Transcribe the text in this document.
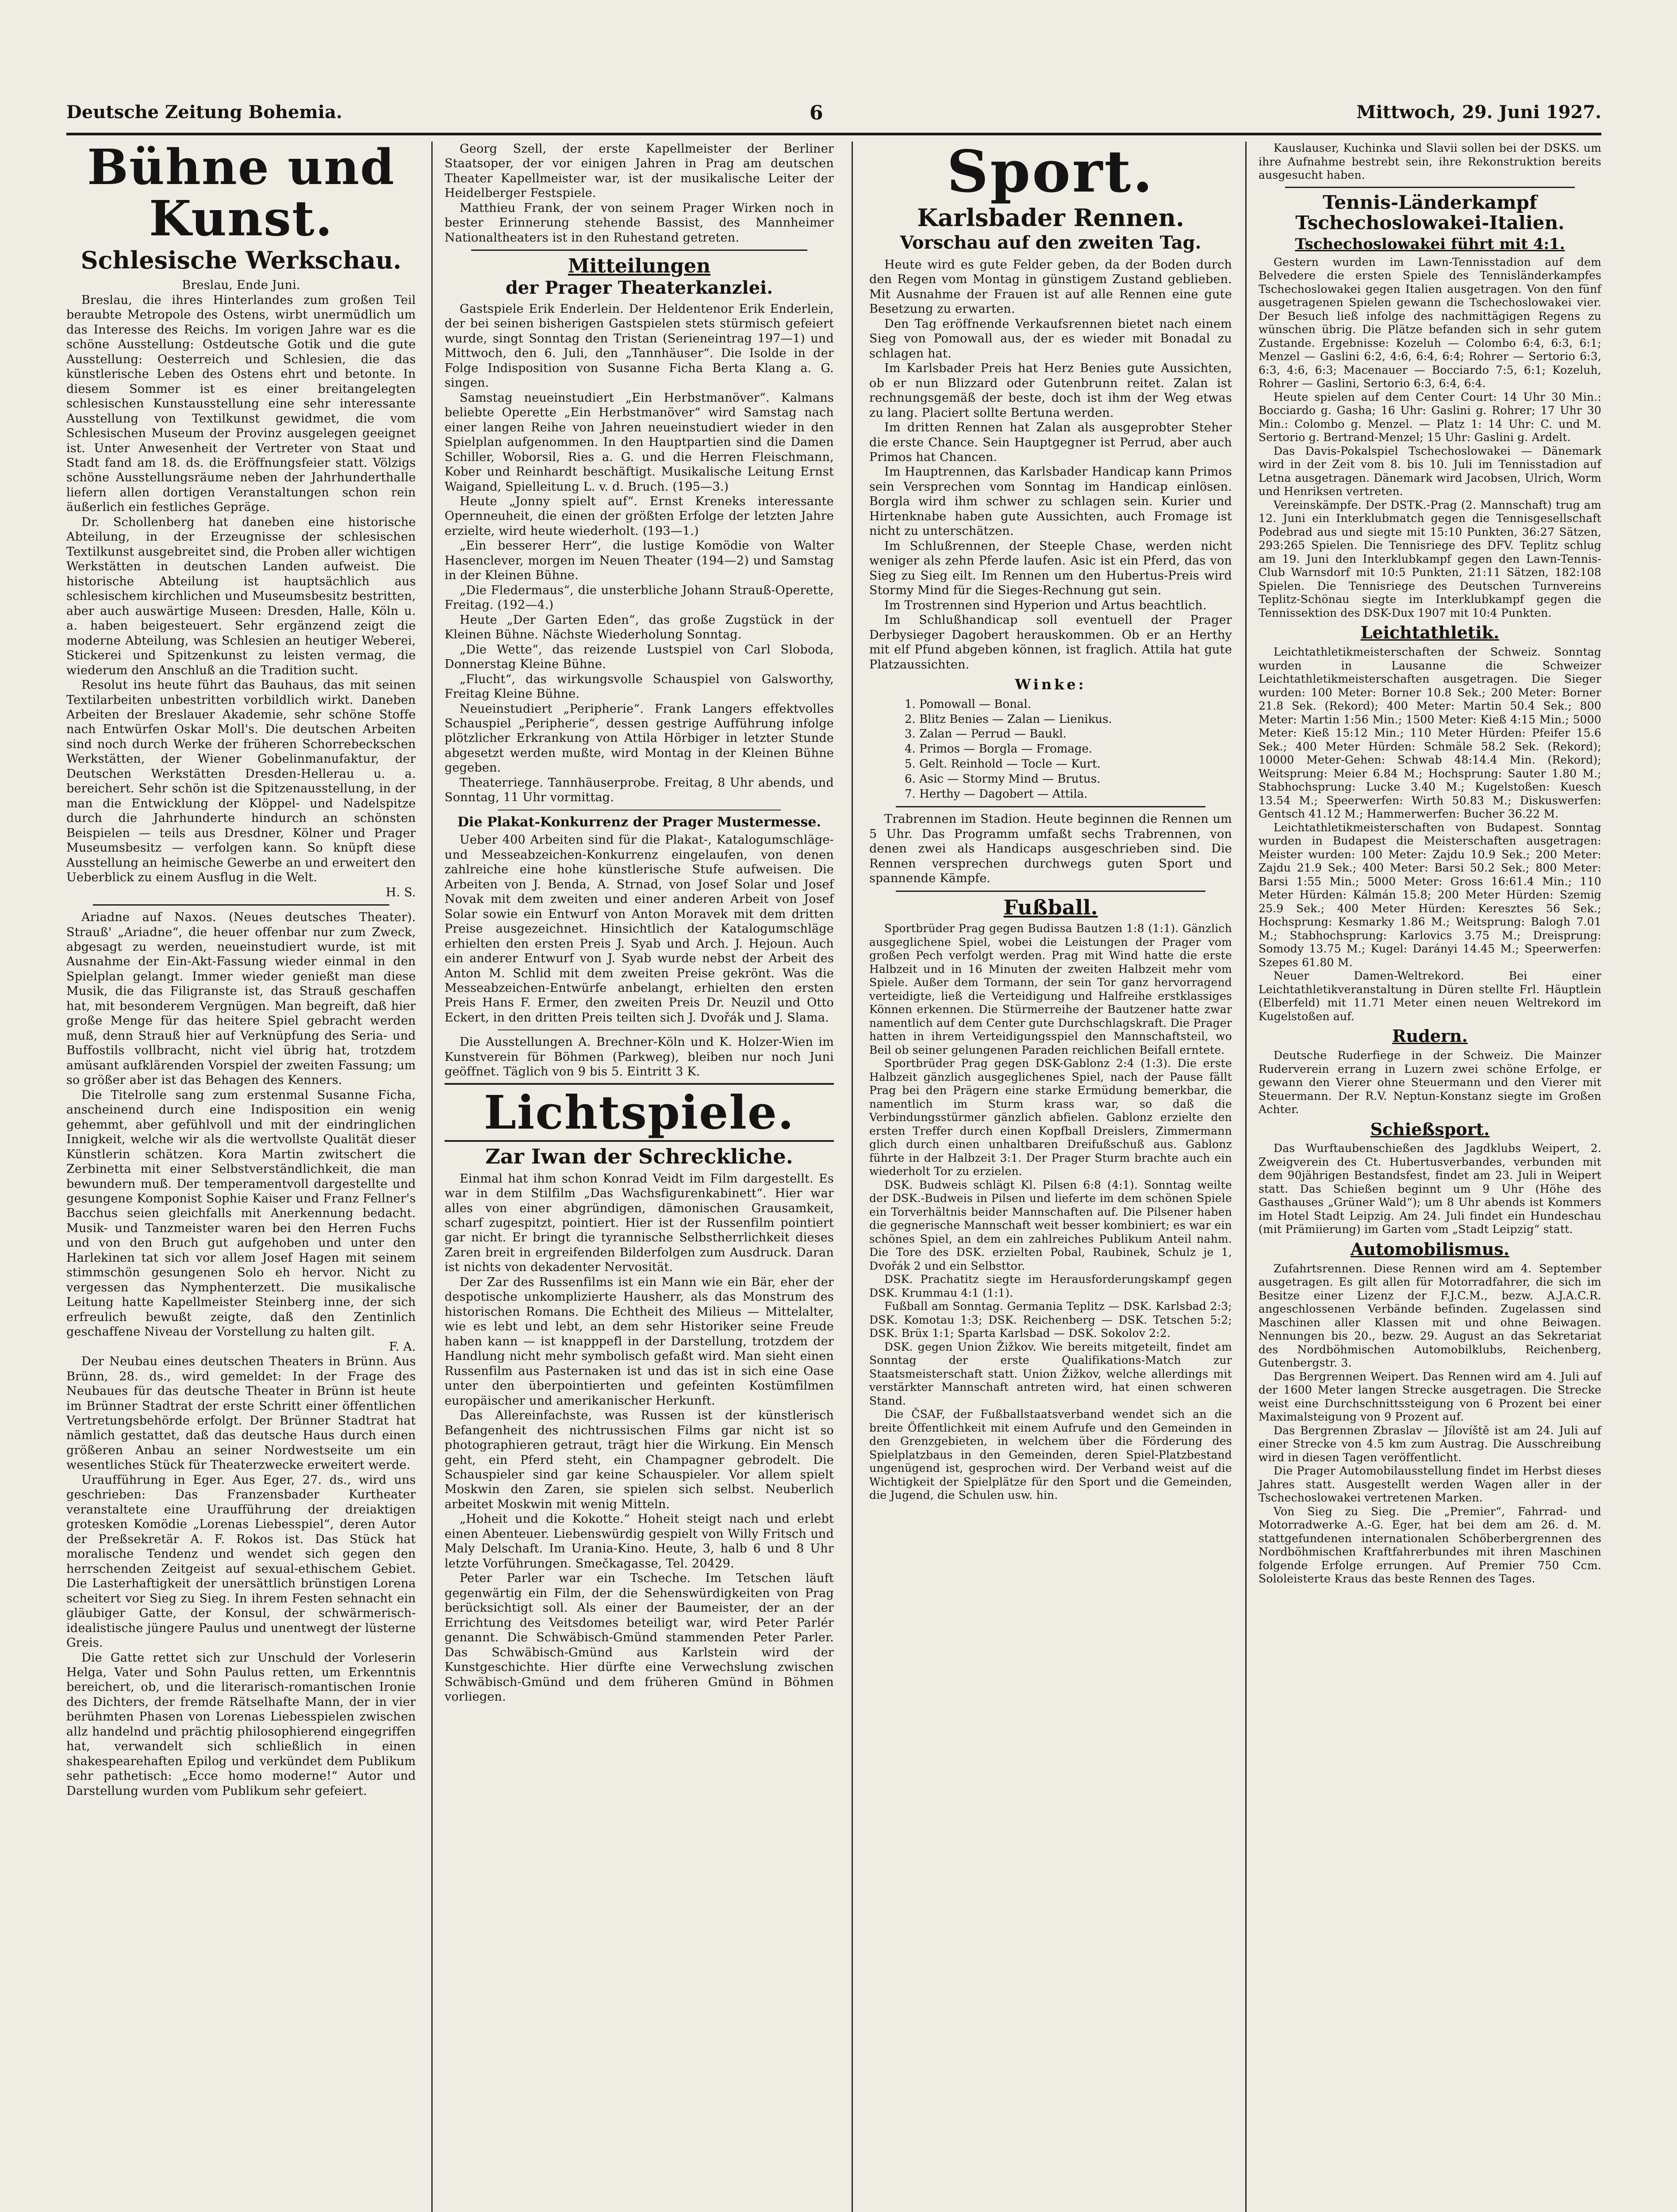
Deutsche Zeitung Bohemia.	6	Mittwoch, 29. Juni 1927.
Bühne und Kunst.
Schlesische Werkschau.

Breslau, Ende Juni.

Breslau, die ihres Hinterlandes zum großen Teil beraubte Metropole des Ostens, wirbt unermüdlich um das Interesse des Reichs. Im vorigen Jahre war es die schöne Ausstellung: Ostdeutsche Gotik und die gute Ausstellung: Oesterreich und Schlesien, die das künstlerische Leben des Ostens ehrt und betonte. In diesem Sommer ist es einer breitangelegten schlesischen Kunstausstellung eine sehr interessante Ausstellung von Textilkunst gewidmet, die vom Schlesischen Museum der Provinz ausgelegen geeignet ist. Unter Anwesenheit der Vertreter von Staat und Stadt fand am 18. ds. die Eröffnungsfeier statt. Völzigs schöne Ausstellungsräume neben der Jahrhunderthalle liefern allen dortigen Veranstaltungen schon rein äußerlich ein festliches Gepräge.

Dr. Schollenberg hat daneben eine historische Abteilung, in der Erzeugnisse der schlesischen Textilkunst ausgebreitet sind, die Proben aller wichtigen Werkstätten in deutschen Landen aufweist. Die historische Abteilung ist hauptsächlich aus schlesischem kirchlichen und Museumsbesitz bestritten, aber auch auswärtige Museen: Dresden, Halle, Köln u. a. haben beigesteuert. Sehr ergänzend zeigt die moderne Abteilung, was Schlesien an heutiger Weberei, Stickerei und Spitzenkunst zu leisten vermag, die wiederum den Anschluß an die Tradition sucht.

Resolut ins heute führt das Bauhaus, das mit seinen Textilarbeiten unbestritten vorbildlich wirkt. Daneben Arbeiten der Breslauer Akademie, sehr schöne Stoffe nach Entwürfen Oskar Moll's. Die deutschen Arbeiten sind noch durch Werke der früheren Schorrebeckschen Werkstätten, der Wiener Gobelinmanufaktur, der Deutschen Werkstätten Dresden-Hellerau u. a. bereichert. Sehr schön ist die Spitzenausstellung, in der man die Entwicklung der Klöppel- und Nadelspitze durch die Jahrhunderte hindurch an schönsten Beispielen — teils aus Dresdner, Kölner und Prager Museumsbesitz — verfolgen kann. So knüpft diese Ausstellung an heimische Gewerbe an und erweitert den Ueberblick zu einem Ausflug in die Welt.

H. S.

Ariadne auf Naxos. (Neues deutsches Theater). Strauß' „Ariadne“, die heuer offenbar nur zum Zweck, abgesagt zu werden, neueinstudiert wurde, ist mit Ausnahme der Ein-Akt-Fassung wieder einmal in den Spielplan gelangt. Immer wieder genießt man diese Musik, die das Filigranste ist, das Strauß geschaffen hat, mit besonderem Vergnügen. Man begreift, daß hier große Menge für das heitere Spiel gebracht werden muß, denn Strauß hier auf Verknüpfung des Seria- und Buffostils vollbracht, nicht viel übrig hat, trotzdem amüsant aufklärenden Vorspiel der zweiten Fassung; um so größer aber ist das Behagen des Kenners.

Die Titelrolle sang zum erstenmal Susanne Ficha, anscheinend durch eine Indisposition ein wenig gehemmt, aber gefühlvoll und mit der eindringlichen Innigkeit, welche wir als die wertvollste Qualität dieser Künstlerin schätzen. Kora Martin zwitschert die Zerbinetta mit einer Selbstverständlichkeit, die man bewundern muß. Der temperamentvoll dargestellte und gesungene Komponist Sophie Kaiser und Franz Fellner's Bacchus seien gleichfalls mit Anerkennung bedacht. Musik- und Tanzmeister waren bei den Herren Fuchs und von den Bruch gut aufgehoben und unter den Harlekinen tat sich vor allem Josef Hagen mit seinem stimmschön gesungenen Solo eh hervor. Nicht zu vergessen das Nymphenterzett. Die musikalische Leitung hatte Kapellmeister Steinberg inne, der sich erfreulich bewußt zeigte, daß den Zentinlich geschaffene Niveau der Vorstellung zu halten gilt.

F. A.

Der Neubau eines deutschen Theaters in Brünn. Aus Brünn, 28. ds., wird gemeldet: In der Frage des Neubaues für das deutsche Theater in Brünn ist heute im Brünner Stadtrat der erste Schritt einer öffentlichen Vertretungsbehörde erfolgt. Der Brünner Stadtrat hat nämlich gestattet, daß das deutsche Haus durch einen größeren Anbau an seiner Nordwestseite um ein wesentliches Stück für Theaterzwecke erweitert werde.

Uraufführung in Eger. Aus Eger, 27. ds., wird uns geschrieben: Das Franzensbader Kurtheater veranstaltete eine Uraufführung der dreiaktigen grotesken Komödie „Lorenas Liebesspiel“, deren Autor der Preßsekretär A. F. Rokos ist. Das Stück hat moralische Tendenz und wendet sich gegen den herrschenden Zeitgeist auf sexual-ethischem Gebiet. Die Lasterhaftigkeit der unersättlich brünstigen Lorena scheitert vor Sieg zu Sieg. In ihrem Festen sehnacht ein gläubiger Gatte, der Konsul, der schwärmerisch-idealistische jüngere Paulus und unentwegt der lüsterne Greis.

Die Gatte rettet sich zur Unschuld der Vorleserin Helga, Vater und Sohn Paulus retten, um Erkenntnis bereichert, ob, und die literarisch-romantischen Ironie des Dichters, der fremde Rätselhafte Mann, der in vier berühmten Phasen von Lorenas Liebesspielen zwischen allz handelnd und prächtig philosophierend eingegriffen hat, verwandelt sich schließlich in einen shakespearehaften Epilog und verkündet dem Publikum sehr pathetisch: „Ecce homo moderne!“ Autor und Darstellung wurden vom Publikum sehr gefeiert.

Georg Szell, der erste Kapellmeister der Berliner Staatsoper, der vor einigen Jahren in Prag am deutschen Theater Kapellmeister war, ist der musikalische Leiter der Heidelberger Festspiele.

Matthieu Frank, der von seinem Prager Wirken noch in bester Erinnerung stehende Bassist, des Mannheimer Nationaltheaters ist in den Ruhestand getreten.

Mitteilungen
der Prager Theaterkanzlei.

Gastspiele Erik Enderlein. Der Heldentenor Erik Enderlein, der bei seinen bisherigen Gastspielen stets stürmisch gefeiert wurde, singt Sonntag den Tristan (Serieneintrag 197—1) und Mittwoch, den 6. Juli, den „Tannhäuser“. Die Isolde in der Folge Indisposition von Susanne Ficha Berta Klang a. G. singen.

Samstag neueinstudiert „Ein Herbstmanöver“. Kalmans beliebte Operette „Ein Herbstmanöver“ wird Samstag nach einer langen Reihe von Jahren neueinstudiert wieder in den Spielplan aufgenommen. In den Hauptpartien sind die Damen Schiller, Woborsil, Ries a. G. und die Herren Fleischmann, Kober und Reinhardt beschäftigt. Musikalische Leitung Ernst Waigand, Spielleitung L. v. d. Bruch. (195—3.)

Heute „Jonny spielt auf“. Ernst Kreneks interessante Opernneuheit, die einen der größten Erfolge der letzten Jahre erzielte, wird heute wiederholt. (193—1.)

„Ein besserer Herr“, die lustige Komödie von Walter Hasenclever, morgen im Neuen Theater (194—2) und Samstag in der Kleinen Bühne.

„Die Fledermaus“, die unsterbliche Johann Strauß-Operette, Freitag. (192—4.)

Heute „Der Garten Eden“, das große Zugstück in der Kleinen Bühne. Nächste Wiederholung Sonntag.

„Die Wette“, das reizende Lustspiel von Carl Sloboda, Donnerstag Kleine Bühne.

„Flucht“, das wirkungsvolle Schauspiel von Galsworthy, Freitag Kleine Bühne.

Neueinstudiert „Peripherie“. Frank Langers effektvolles Schauspiel „Peripherie“, dessen gestrige Aufführung infolge plötzlicher Erkrankung von Attila Hörbiger in letzter Stunde abgesetzt werden mußte, wird Montag in der Kleinen Bühne gegeben.

Theaterriege. Tannhäuserprobe. Freitag, 8 Uhr abends, und Sonntag, 11 Uhr vormittag.

Die Plakat-Konkurrenz der Prager Mustermesse.

Ueber 400 Arbeiten sind für die Plakat-, Katalogumschläge- und Messeabzeichen-Konkurrenz eingelaufen, von denen zahlreiche eine hohe künstlerische Stufe aufweisen. Die Arbeiten von J. Benda, A. Strnad, von Josef Solar und Josef Novak mit dem zweiten und einer anderen Arbeit von Josef Solar sowie ein Entwurf von Anton Moravek mit dem dritten Preise ausgezeichnet. Hinsichtlich der Katalogumschläge erhielten den ersten Preis J. Syab und Arch. J. Hejoun. Auch ein anderer Entwurf von J. Syab wurde nebst der Arbeit des Anton M. Schlid mit dem zweiten Preise gekrönt. Was die Messeabzeichen-Entwürfe anbelangt, erhielten den ersten Preis Hans F. Ermer, den zweiten Preis Dr. Neuzil und Otto Eckert, in den dritten Preis teilten sich J. Dvořák und J. Slama.

Die Ausstellungen A. Brechner-Köln und K. Holzer-Wien im Kunstverein für Böhmen (Parkweg), bleiben nur noch Juni geöffnet. Täglich von 9 bis 5. Eintritt 3 K.

Lichtspiele.
Zar Iwan der Schreckliche.

Einmal hat ihm schon Konrad Veidt im Film dargestellt. Es war in dem Stilfilm „Das Wachsfigurenkabinett“. Hier war alles von einer abgründigen, dämonischen Grausamkeit, scharf zugespitzt, pointiert. Hier ist der Russenfilm pointiert gar nicht. Er bringt die tyrannische Selbstherrlichkeit dieses Zaren breit in ergreifenden Bilderfolgen zum Ausdruck. Daran ist nichts von dekadenter Nervosität.

Der Zar des Russenfilms ist ein Mann wie ein Bär, eher der despotische unkomplizierte Hausherr, als das Monstrum des historischen Romans. Die Echtheit des Milieus — Mittelalter, wie es lebt und lebt, an dem sehr Historiker seine Freude haben kann — ist knapppefl in der Darstellung, trotzdem der Handlung nicht mehr symbolisch gefaßt wird. Man sieht einen Russenfilm aus Pasternaken ist und das ist in sich eine Oase unter den überpointierten und gefeinten Kostümfilmen europäischer und amerikanischer Herkunft.

Das Allereinfachste, was Russen ist der künstlerisch Befangenheit des nichtrussischen Films gar nicht ist so photographieren getraut, trägt hier die Wirkung. Ein Mensch geht, ein Pferd steht, ein Champagner gebrodelt. Die Schauspieler sind gar keine Schauspieler. Vor allem spielt Moskwin den Zaren, sie spielen sich selbst. Neuberlich arbeitet Moskwin mit wenig Mitteln.

„Hoheit und die Kokotte.“ Hoheit steigt nach und erlebt einen Abenteuer. Liebenswürdig gespielt von Willy Fritsch und Maly Delschaft. Im Urania-Kino. Heute, 3, halb 6 und 8 Uhr letzte Vorführungen. Smečkagasse, Tel. 20429.

Peter Parler war ein Tscheche. Im Tetschen läuft gegenwärtig ein Film, der die Sehenswürdigkeiten von Prag berücksichtigt soll. Als einer der Baumeister, der an der Errichtung des Veitsdomes beteiligt war, wird Peter Parlér genannt. Die Schwäbisch-Gmünd stammenden Peter Parler. Das Schwäbisch-Gmünd aus Karlstein wird der Kunstgeschichte. Hier dürfte eine Verwechslung zwischen Schwäbisch-Gmünd und dem früheren Gmünd in Böhmen vorliegen.

Sport.
Karlsbader Rennen.
Vorschau auf den zweiten Tag.

Heute wird es gute Felder geben, da der Boden durch den Regen vom Montag in günstigem Zustand geblieben. Mit Ausnahme der Frauen ist auf alle Rennen eine gute Besetzung zu erwarten.

Den Tag eröffnende Verkaufsrennen bietet nach einem Sieg von Pomowall aus, der es wieder mit Bonadal zu schlagen hat.

Im Karlsbader Preis hat Herz Benies gute Aussichten, ob er nun Blizzard oder Gutenbrunn reitet. Zalan ist rechnungsgemäß der beste, doch ist ihm der Weg etwas zu lang. Placiert sollte Bertuna werden.

Im dritten Rennen hat Zalan als ausgeprobter Steher die erste Chance. Sein Hauptgegner ist Perrud, aber auch Primos hat Chancen.

Im Hauptrennen, das Karlsbader Handicap kann Primos sein Versprechen vom Sonntag im Handicap einlösen. Borgla wird ihm schwer zu schlagen sein. Kurier und Hirtenknabe haben gute Aussichten, auch Fromage ist nicht zu unterschätzen.

Im Schlußrennen, der Steeple Chase, werden nicht weniger als zehn Pferde laufen. Asic ist ein Pferd, das von Sieg zu Sieg eilt. Im Rennen um den Hubertus-Preis wird Stormy Mind für die Sieges-Rechnung gut sein.

Im Trostrennen sind Hyperion und Artus beachtlich.

Im Schlußhandicap soll eventuell der Prager Derbysieger Dagobert herauskommen. Ob er an Herthy mit elf Pfund abgeben können, ist fraglich. Attila hat gute Platzaussichten.

Winke:
1. Pomowall — Bonal.
2. Blitz Benies — Zalan — Lienikus.
3. Zalan — Perrud — Baukl.
4. Primos — Borgla — Fromage.
5. Gelt. Reinhold — Tocle — Kurt.
6. Asic — Stormy Mind — Brutus.
7. Herthy — Dagobert — Attila.

Trabrennen im Stadion. Heute beginnen die Rennen um 5 Uhr. Das Programm umfaßt sechs Trabrennen, von denen zwei als Handicaps ausgeschrieben sind. Die Rennen versprechen durchwegs guten Sport und spannende Kämpfe.

Fußball.

Sportbrüder Prag gegen Budissa Bautzen 1:8 (1:1). Gänzlich ausgeglichene Spiel, wobei die Leistungen der Prager vom großen Pech verfolgt werden. Prag mit Wind hatte die erste Halbzeit und in 16 Minuten der zweiten Halbzeit mehr vom Spiele. Außer dem Tormann, der sein Tor ganz hervorragend verteidigte, ließ die Verteidigung und Halfreihe erstklassiges Können erkennen. Die Stürmerreihe der Bautzener hatte zwar namentlich auf dem Center gute Durchschlagskraft. Die Prager hatten in ihrem Verteidigungsspiel den Mannschaftsteil, wo Beil ob seiner gelungenen Paraden reichlichen Beifall erntete.

Sportbrüder Prag gegen DSK-Gablonz 2:4 (1:3). Die erste Halbzeit gänzlich ausgeglichenes Spiel, nach der Pause fällt Prag bei den Prägern eine starke Ermüdung bemerkbar, die namentlich im Sturm krass war, so daß die Verbindungsstürmer gänzlich abfielen. Gablonz erzielte den ersten Treffer durch einen Kopfball Dreislers, Zimmermann glich durch einen unhaltbaren Dreifußschuß aus. Gablonz führte in der Halbzeit 3:1. Der Prager Sturm brachte auch ein wiederholt Tor zu erzielen.

DSK. Budweis schlägt Kl. Pilsen 6:8 (4:1). Sonntag weilte der DSK.-Budweis in Pilsen und lieferte im dem schönen Spiele ein Torverhältnis beider Mannschaften auf. Die Pilsener haben die gegnerische Mannschaft weit besser kombiniert; es war ein schönes Spiel, an dem ein zahlreiches Publikum Anteil nahm. Die Tore des DSK. erzielten Pobal, Raubinek, Schulz je 1, Dvořák 2 und ein Selbsttor.

DSK. Prachatitz siegte im Herausforderungskampf gegen DSK. Krummau 4:1 (1:1).

Fußball am Sonntag. Germania Teplitz — DSK. Karlsbad 2:3; DSK. Komotau 1:3; DSK. Reichenberg — DSK. Tetschen 5:2; DSK. Brüx 1:1; Sparta Karlsbad — DSK. Sokolov 2:2.

DSK. gegen Union Žižkov. Wie bereits mitgeteilt, findet am Sonntag der erste Qualifikations-Match zur Staatsmeisterschaft statt. Union Žižkov, welche allerdings mit verstärkter Mannschaft antreten wird, hat einen schweren Stand.

Die ČSAF, der Fußballstaatsverband wendet sich an die breite Öffentlichkeit mit einem Aufrufe und den Gemeinden in den Grenzgebieten, in welchem über die Förderung des Spielplatzbaus in den Gemeinden, deren Spiel-Platzbestand ungenügend ist, gesprochen wird. Der Verband weist auf die Wichtigkeit der Spielplätze für den Sport und die Gemeinden, die Jugend, die Schulen usw. hin.

Kauslauser, Kuchinka und Slavii sollen bei der DSKS. um ihre Aufnahme bestrebt sein, ihre Rekonstruktion bereits ausgesucht haben.

Tennis-Länderkampf Tschechoslowakei-Italien.
Tschechoslowakei führt mit 4:1.

Gestern wurden im Lawn-Tennisstadion auf dem Belvedere die ersten Spiele des Tennisländerkampfes Tschechoslowakei gegen Italien ausgetragen. Von den fünf ausgetragenen Spielen gewann die Tschechoslowakei vier. Der Besuch ließ infolge des nachmittägigen Regens zu wünschen übrig. Die Plätze befanden sich in sehr gutem Zustande. Ergebnisse: Kozeluh — Colombo 6:4, 6:3, 6:1; Menzel — Gaslini 6:2, 4:6, 6:4, 6:4; Rohrer — Sertorio 6:3, 6:3, 4:6, 6:3; Macenauer — Bocciardo 7:5, 6:1; Kozeluh, Rohrer — Gaslini, Sertorio 6:3, 6:4, 6:4.

Heute spielen auf dem Center Court: 14 Uhr 30 Min.: Bocciardo g. Gasha; 16 Uhr: Gaslini g. Rohrer; 17 Uhr 30 Min.: Colombo g. Menzel. — Platz 1: 14 Uhr: C. und M. Sertorio g. Bertrand-Menzel; 15 Uhr: Gaslini g. Ardelt.

Das Davis-Pokalspiel Tschechoslowakei — Dänemark wird in der Zeit vom 8. bis 10. Juli im Tennisstadion auf Letna ausgetragen. Dänemark wird Jacobsen, Ulrich, Worm und Henriksen vertreten.

Vereinskämpfe. Der DSTK.-Prag (2. Mannschaft) trug am 12. Juni ein Interklubmatch gegen die Tennisgesellschaft Podebrad aus und siegte mit 15:10 Punkten, 36:27 Sätzen, 293:265 Spielen. Die Tennisriege des DFV. Teplitz schlug am 19. Juni den Interklubkampf gegen den Lawn-Tennis-Club Warnsdorf mit 10:5 Punkten, 21:11 Sätzen, 182:108 Spielen. Die Tennisriege des Deutschen Turnvereins Teplitz-Schönau siegte im Interklubkampf gegen die Tennissektion des DSK-Dux 1907 mit 10:4 Punkten.

Leichtathletik.

Leichtathletikmeisterschaften der Schweiz. Sonntag wurden in Lausanne die Schweizer Leichtathletikmeisterschaften ausgetragen. Die Sieger wurden: 100 Meter: Borner 10.8 Sek.; 200 Meter: Borner 21.8 Sek. (Rekord); 400 Meter: Martin 50.4 Sek.; 800 Meter: Martin 1:56 Min.; 1500 Meter: Kieß 4:15 Min.; 5000 Meter: Kieß 15:12 Min.; 110 Meter Hürden: Pfeifer 15.6 Sek.; 400 Meter Hürden: Schmäle 58.2 Sek. (Rekord); 10000 Meter-Gehen: Schwab 48:14.4 Min. (Rekord); Weitsprung: Meier 6.84 M.; Hochsprung: Sauter 1.80 M.; Stabhochsprung: Lucke 3.40 M.; Kugelstoßen: Kuesch 13.54 M.; Speerwerfen: Wirth 50.83 M.; Diskuswerfen: Gentsch 41.12 M.; Hammerwerfen: Bucher 36.22 M.

Leichtathletikmeisterschaften von Budapest. Sonntag wurden in Budapest die Meisterschaften ausgetragen: Meister wurden: 100 Meter: Zajdu 10.9 Sek.; 200 Meter: Zajdu 21.9 Sek.; 400 Meter: Barsi 50.2 Sek.; 800 Meter: Barsi 1:55 Min.; 5000 Meter: Gross 16:61.4 Min.; 110 Meter Hürden: Kálmán 15.8; 200 Meter Hürden: Szemig 25.9 Sek.; 400 Meter Hürden: Keresztes 56 Sek.; Hochsprung: Kesmarky 1.86 M.; Weitsprung: Balogh 7.01 M.; Stabhochsprung: Karlovics 3.75 M.; Dreisprung: Somody 13.75 M.; Kugel: Darányi 14.45 M.; Speerwerfen: Szepes 61.80 M.

Neuer Damen-Weltrekord. Bei einer Leichtathletikveranstaltung in Düren stellte Frl. Häuptlein (Elberfeld) mit 11.71 Meter einen neuen Weltrekord im Kugelstoßen auf.

Rudern.

Deutsche Ruderfiege in der Schweiz. Die Mainzer Ruderverein errang in Luzern zwei schöne Erfolge, er gewann den Vierer ohne Steuermann und den Vierer mit Steuermann. Der R.V. Neptun-Konstanz siegte im Großen Achter.

Schießsport.

Das Wurftaubenschießen des Jagdklubs Weipert, 2. Zweigverein des Ct. Hubertusverbandes, verbunden mit dem 90jährigen Bestandsfest, findet am 23. Juli in Weipert statt. Das Schießen beginnt um 9 Uhr (Höhe des Gasthauses „Grüner Wald“); um 8 Uhr abends ist Kommers im Hotel Stadt Leipzig. Am 24. Juli findet ein Hundeschau (mit Prämiierung) im Garten vom „Stadt Leipzig“ statt.

Automobilismus.

Zufahrtsrennen. Diese Rennen wird am 4. September ausgetragen. Es gilt allen für Motorradfahrer, die sich im Besitze einer Lizenz der F.J.C.M., bezw. A.J.A.C.R. angeschlossenen Verbände befinden. Zugelassen sind Maschinen aller Klassen mit und ohne Beiwagen. Nennungen bis 20., bezw. 29. August an das Sekretariat des Nordböhmischen Automobilklubs, Reichenberg, Gutenbergstr. 3.

Das Bergrennen Weipert. Das Rennen wird am 4. Juli auf der 1600 Meter langen Strecke ausgetragen. Die Strecke weist eine Durchschnittssteigung von 6 Prozent bei einer Maximalsteigung von 9 Prozent auf.

Das Bergrennen Zbraslav — Jílovíště ist am 24. Juli auf einer Strecke von 4.5 km zum Austrag. Die Ausschreibung wird in diesen Tagen veröffentlicht.

Die Prager Automobilausstellung findet im Herbst dieses Jahres statt. Ausgestellt werden Wagen aller in der Tschechoslowakei vertretenen Marken.

Von Sieg zu Sieg. Die „Premier“, Fahrrad- und Motorradwerke A.-G. Eger, hat bei dem am 26. d. M. stattgefundenen internationalen Schöberbergrennen des Nordböhmischen Kraftfahrerbundes mit ihren Maschinen folgende Erfolge errungen. Auf Premier 750 Ccm. Sololeisterte Kraus das beste Rennen des Tages.
